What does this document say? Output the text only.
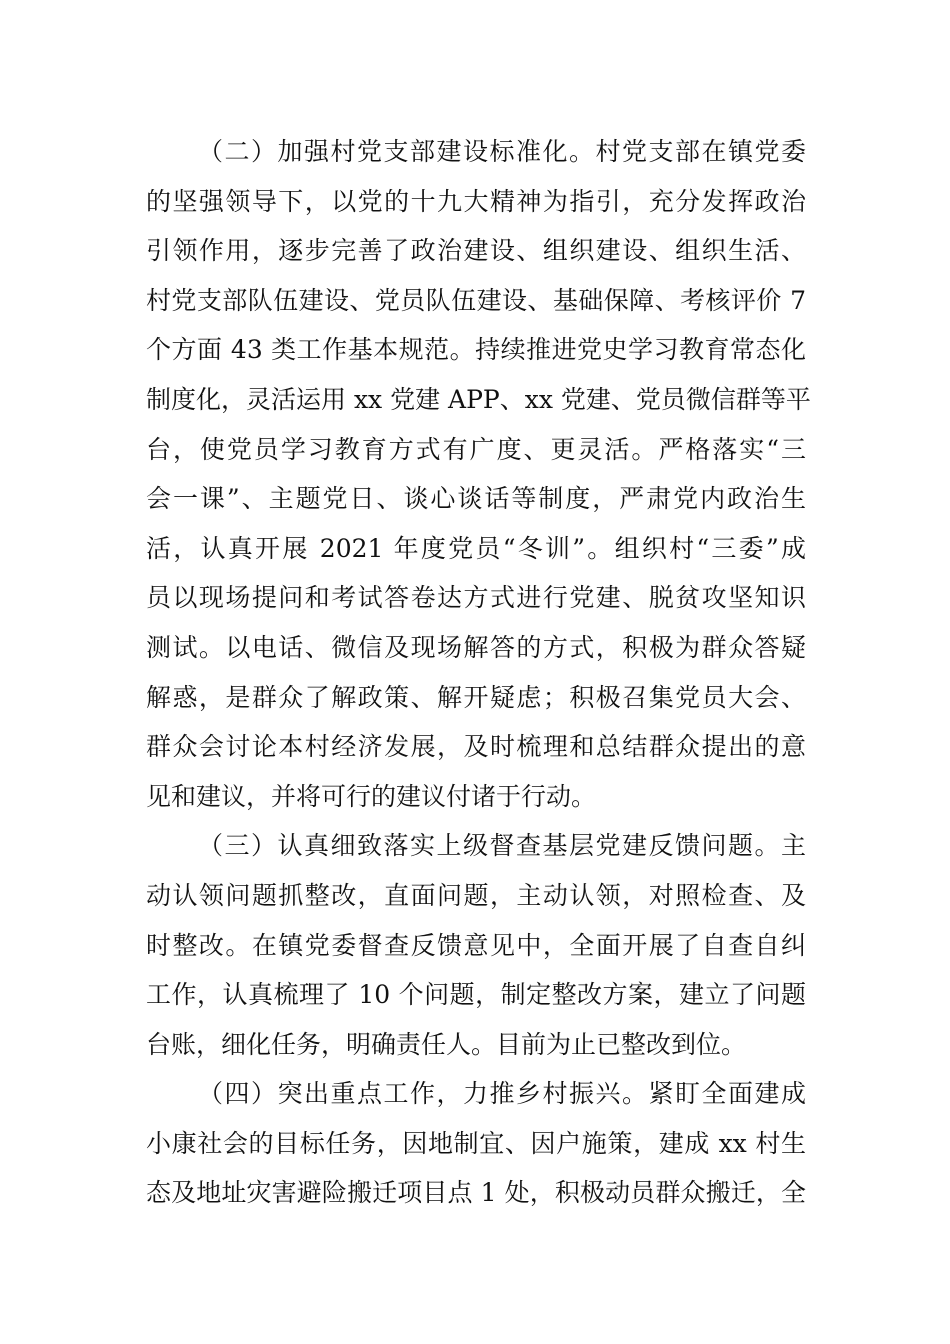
（二）加强村党支部建设标准化。村党支部在镇党委
的坚强领导下，以党的十九大精神为指引，充分发挥政治
引领作用，逐步完善了政治建设、组织建设、组织生活、
村党支部队伍建设、党员队伍建设、基础保障、考核评价 7
个方面 43 类工作基本规范。持续推进党史学习教育常态化
制度化，灵活运用 xx 党建 APP、xx 党建、党员微信群等平
台，使党员学习教育方式有广度、更灵活。严格落实“三
会一课”、主题党日、谈心谈话等制度，严肃党内政治生
活，认真开展 2021 年度党员“冬训”。组织村“三委”成
员以现场提问和考试答卷达方式进行党建、脱贫攻坚知识
测试。以电话、微信及现场解答的方式，积极为群众答疑
解惑，是群众了解政策、解开疑虑；积极召集党员大会、
群众会讨论本村经济发展，及时梳理和总结群众提出的意
见和建议，并将可行的建议付诸于行动。
（三）认真细致落实上级督查基层党建反馈问题。主
动认领问题抓整改，直面问题，主动认领，对照检查、及
时整改。在镇党委督查反馈意见中，全面开展了自查自纠
工作，认真梳理了 10 个问题，制定整改方案，建立了问题
台账，细化任务，明确责任人。目前为止已整改到位。
（四）突出重点工作，力推乡村振兴。紧盯全面建成
小康社会的目标任务，因地制宜、因户施策，建成 xx 村生
态及地址灾害避险搬迁项目点 1 处，积极动员群众搬迁，全
